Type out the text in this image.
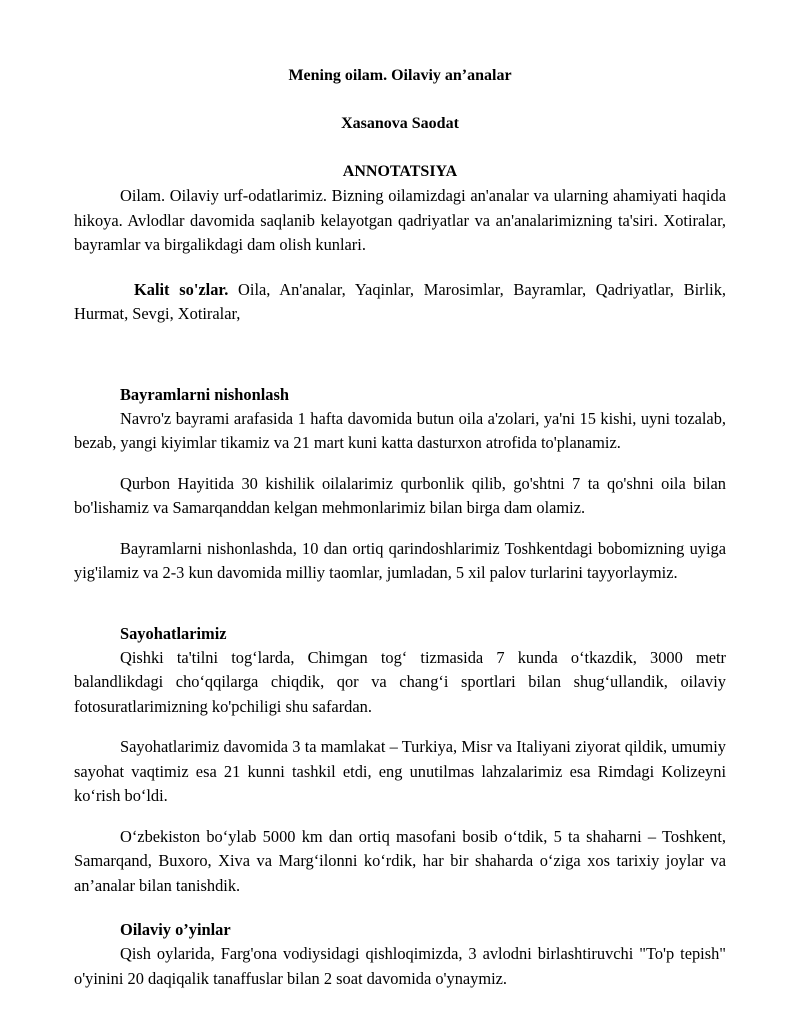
Mening oilam. Oilaviy an’analar
Xasanova Saodat
ANNOTATSIYA

Oilam. Oilaviy urf-odatlarimiz. Bizning oilamizdagi an'analar va ularning ahamiyati haqida hikoya. Avlodlar davomida saqlanib kelayotgan qadriyatlar va an'analarimizning ta'siri. Xotiralar, bayramlar va birgalikdagi dam olish kunlari.

Kalit so'zlar. Oila, An'analar, Yaqinlar, Marosimlar, Bayramlar, Qadriyatlar, Birlik, Hurmat, Sevgi, Xotiralar,

Bayramlarni nishonlash

Navro'z bayrami arafasida 1 hafta davomida butun oila a'zolari, ya'ni 15 kishi, uyni tozalab, bezab, yangi kiyimlar tikamiz va 21 mart kuni katta dasturxon atrofida to'planamiz.

Qurbon Hayitida 30 kishilik oilalarimiz qurbonlik qilib, go'shtni 7 ta qo'shni oila bilan bo'lishamiz va Samarqanddan kelgan mehmonlarimiz bilan birga dam olamiz.

Bayramlarni nishonlashda, 10 dan ortiq qarindoshlarimiz Toshkentdagi bobomizning uyiga yig'ilamiz va 2-3 kun davomida milliy taomlar, jumladan, 5 xil palov turlarini tayyorlaymiz.

Sayohatlarimiz

Qishki ta'tilni tog‘larda, Chimgan tog‘ tizmasida 7 kunda o‘tkazdik, 3000 metr balandlikdagi cho‘qqilarga chiqdik, qor va chang‘i sportlari bilan shug‘ullandik, oilaviy fotosuratlarimizning ko'pchiligi shu safardan.

Sayohatlarimiz davomida 3 ta mamlakat – Turkiya, Misr va Italiyani ziyorat qildik, umumiy sayohat vaqtimiz esa 21 kunni tashkil etdi, eng unutilmas lahzalarimiz esa Rimdagi Kolizeyni ko‘rish bo‘ldi.

O‘zbekiston bo‘ylab 5000 km dan ortiq masofani bosib o‘tdik, 5 ta shaharni – Toshkent, Samarqand, Buxoro, Xiva va Marg‘ilonni ko‘rdik, har bir shaharda o‘ziga xos tarixiy joylar va an’analar bilan tanishdik.

Oilaviy o’yinlar

Qish oylarida, Farg'ona vodiysidagi qishloqimizda, 3 avlodni birlashtiruvchi "To'p tepish" o'yinini 20 daqiqalik tanaffuslar bilan 2 soat davomida o'ynaymiz.
